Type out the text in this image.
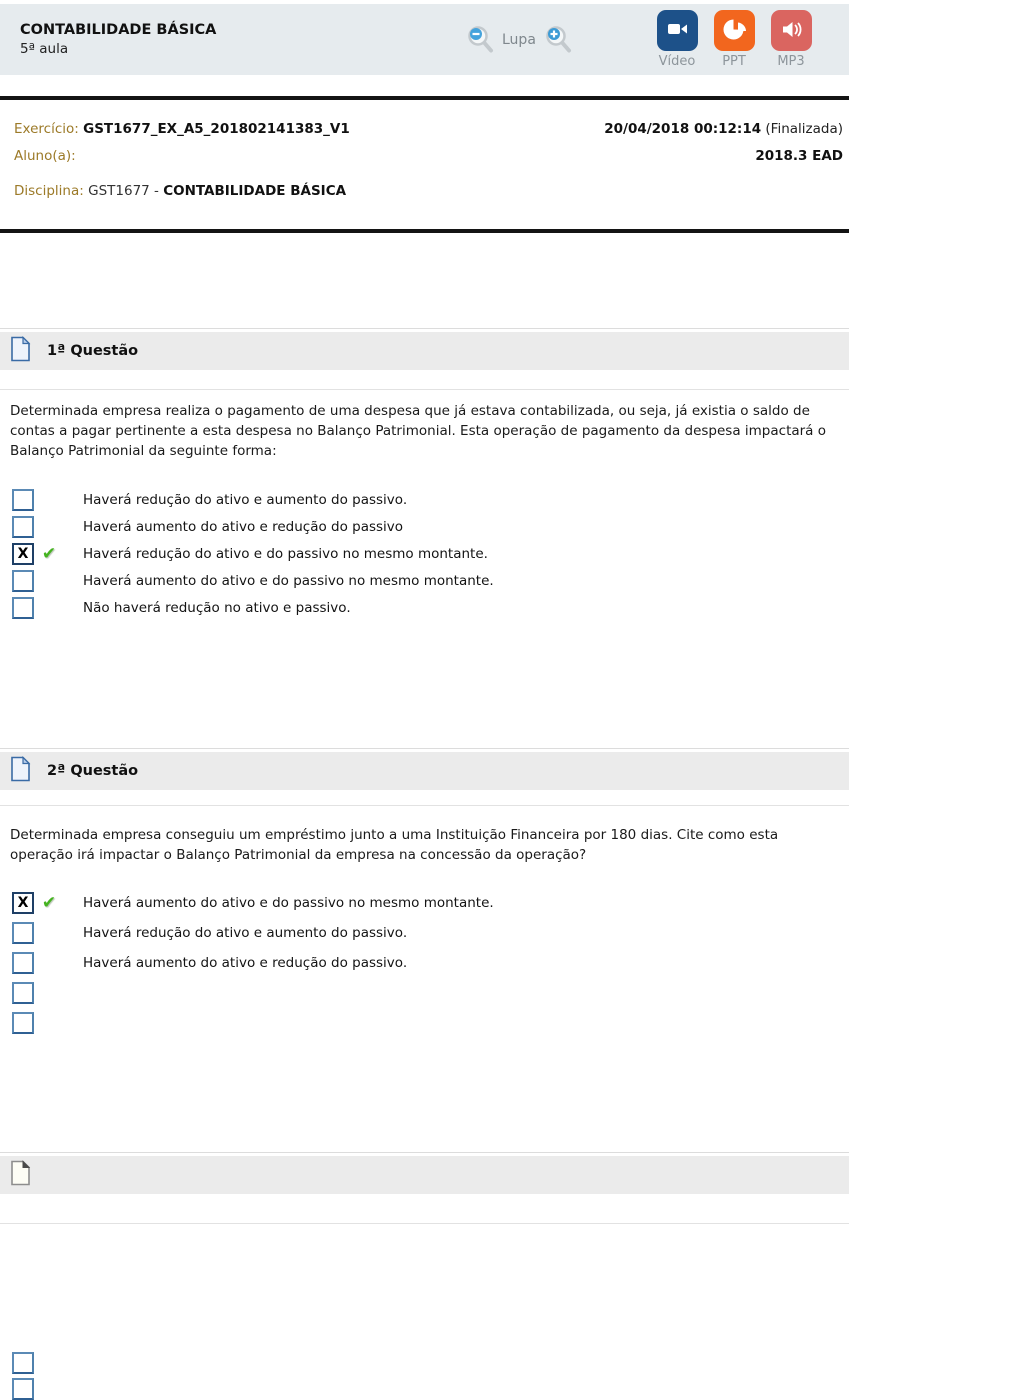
CONTABILIDADE BÁSICA
5ª aula
Lupa
Vídeo PPT MP3
Exercício: GST1677_EX_A5_201802141383_V1	20/04/2018 00:12:14 (Finalizada)
Aluno(a):	2018.3 EAD
Disciplina: GST1677 - CONTABILIDADE BÁSICA
1ª Questão
Determinada empresa realiza o pagamento de uma despesa que já estava contabilizada, ou seja, já existia o saldo de contas a pagar pertinente a esta despesa no Balanço Patrimonial. Esta operação de pagamento da despesa impactará o Balanço Patrimonial da seguinte forma:
Haverá redução do ativo e aumento do passivo.
Haverá aumento do ativo e redução do passivo
X ✔ Haverá redução do ativo e do passivo no mesmo montante.
Haverá aumento do ativo e do passivo no mesmo montante.
Não haverá redução no ativo e passivo.
2ª Questão
Determinada empresa conseguiu um empréstimo junto a uma Instituição Financeira por 180 dias. Cite como esta operação irá impactar o Balanço Patrimonial da empresa na concessão da operação?
X ✔ Haverá aumento do ativo e do passivo no mesmo montante.
Haverá redução do ativo e aumento do passivo.
Haverá aumento do ativo e redução do passivo.
